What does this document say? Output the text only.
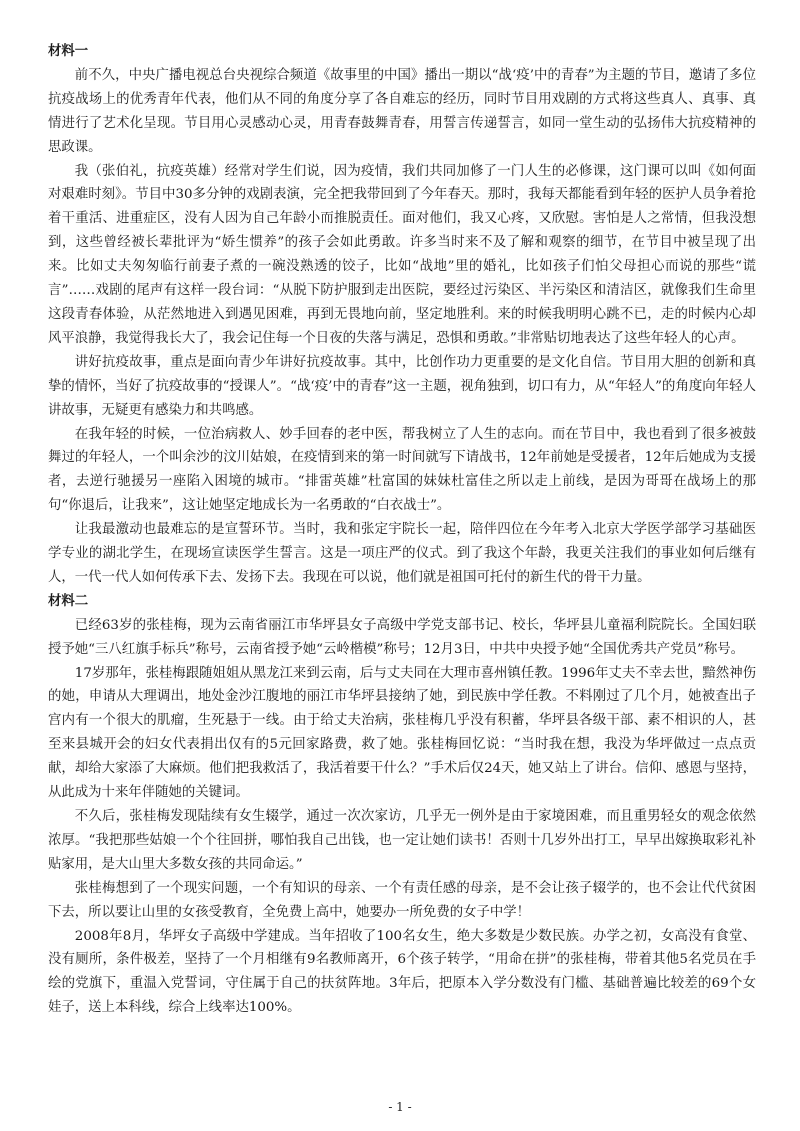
材料一

前不久，中央广播电视总台央视综合频道《故事里的中国》播出一期以“战‘疫’中的青春”为主题的节目，邀请了多位抗疫战场上的优秀青年代表，他们从不同的角度分享了各自难忘的经历，同时节目用戏剧的方式将这些真人、真事、真情进行了艺术化呈现。节目用心灵感动心灵，用青春鼓舞青春，用誓言传递誓言，如同一堂生动的弘扬伟大抗疫精神的思政课。

我（张伯礼，抗疫英雄）经常对学生们说，因为疫情，我们共同加修了一门人生的必修课，这门课可以叫《如何面对艰难时刻》。节目中30多分钟的戏剧表演，完全把我带回到了今年春天。那时，我每天都能看到年轻的医护人员争着抢着干重活、进重症区，没有人因为自己年龄小而推脱责任。面对他们，我又心疼，又欣慰。害怕是人之常情，但我没想到，这些曾经被长辈批评为“娇生惯养”的孩子会如此勇敢。许多当时来不及了解和观察的细节，在节目中被呈现了出来。比如丈夫匆匆临行前妻子煮的一碗没熟透的饺子，比如“战地”里的婚礼，比如孩子们怕父母担心而说的那些“谎言”……戏剧的尾声有这样一段台词：“从脱下防护服到走出医院，要经过污染区、半污染区和清洁区，就像我们生命里这段青春体验，从茫然地进入到遇见困难，再到无畏地向前，坚定地胜利。来的时候我明明心跳不已，走的时候内心却风平浪静，我觉得我长大了，我会记住每一个日夜的失落与满足，恐惧和勇敢。”非常贴切地表达了这些年轻人的心声。

讲好抗疫故事，重点是面向青少年讲好抗疫故事。其中，比创作功力更重要的是文化自信。节目用大胆的创新和真挚的情怀，当好了抗疫故事的“授课人”。“战‘疫’中的青春”这一主题，视角独到，切口有力，从“年轻人”的角度向年轻人讲故事，无疑更有感染力和共鸣感。

在我年轻的时候，一位治病救人、妙手回春的老中医，帮我树立了人生的志向。而在节目中，我也看到了很多被鼓舞过的年轻人，一个叫余沙的汶川姑娘，在疫情到来的第一时间就写下请战书，12年前她是受援者，12年后她成为支援者，去逆行驰援另一座陷入困境的城市。“排雷英雄”杜富国的妹妹杜富佳之所以走上前线，是因为哥哥在战场上的那句“你退后，让我来”，这让她坚定地成长为一名勇敢的“白衣战士”。

让我最激动也最难忘的是宣誓环节。当时，我和张定宇院长一起，陪伴四位在今年考入北京大学医学部学习基础医学专业的湖北学生，在现场宣读医学生誓言。这是一项庄严的仪式。到了我这个年龄，我更关注我们的事业如何后继有人，一代一代人如何传承下去、发扬下去。我现在可以说，他们就是祖国可托付的新生代的骨干力量。

材料二

已经63岁的张桂梅，现为云南省丽江市华坪县女子高级中学党支部书记、校长，华坪县儿童福利院院长。全国妇联授予她“三八红旗手标兵”称号，云南省授予她“云岭楷模”称号；12月3日，中共中央授予她“全国优秀共产党员”称号。

17岁那年，张桂梅跟随姐姐从黑龙江来到云南，后与丈夫同在大理市喜州镇任教。1996年丈夫不幸去世，黯然神伤的她，申请从大理调出，地处金沙江腹地的丽江市华坪县接纳了她，到民族中学任教。不料刚过了几个月，她被查出子宫内有一个很大的肌瘤，生死悬于一线。由于给丈夫治病，张桂梅几乎没有积蓄，华坪县各级干部、素不相识的人，甚至来县城开会的妇女代表捐出仅有的5元回家路费，救了她。张桂梅回忆说：“当时我在想，我没为华坪做过一点点贡献，却给大家添了大麻烦。他们把我救活了，我活着要干什么？”手术后仅24天，她又站上了讲台。信仰、感恩与坚持，从此成为十来年伴随她的关键词。

不久后，张桂梅发现陆续有女生辍学，通过一次次家访，几乎无一例外是由于家境困难，而且重男轻女的观念依然浓厚。“我把那些姑娘一个个往回拼，哪怕我自己出钱，也一定让她们读书！否则十几岁外出打工，早早出嫁换取彩礼补贴家用，是大山里大多数女孩的共同命运。”

张桂梅想到了一个现实问题，一个有知识的母亲、一个有责任感的母亲，是不会让孩子辍学的，也不会让代代贫困下去，所以要让山里的女孩受教育，全免费上高中，她要办一所免费的女子中学！

2008年8月，华坪女子高级中学建成。当年招收了100名女生，绝大多数是少数民族。办学之初，女高没有食堂、没有厕所，条件极差，坚持了一个月相继有9名教师离开，6个孩子转学，“用命在拼”的张桂梅，带着其他5名党员在手绘的党旗下，重温入党誓词，守住属于自己的扶贫阵地。3年后，把原本入学分数没有门槛、基础普遍比较差的69个女娃子，送上本科线，综合上线率达100%。

- 1 -
